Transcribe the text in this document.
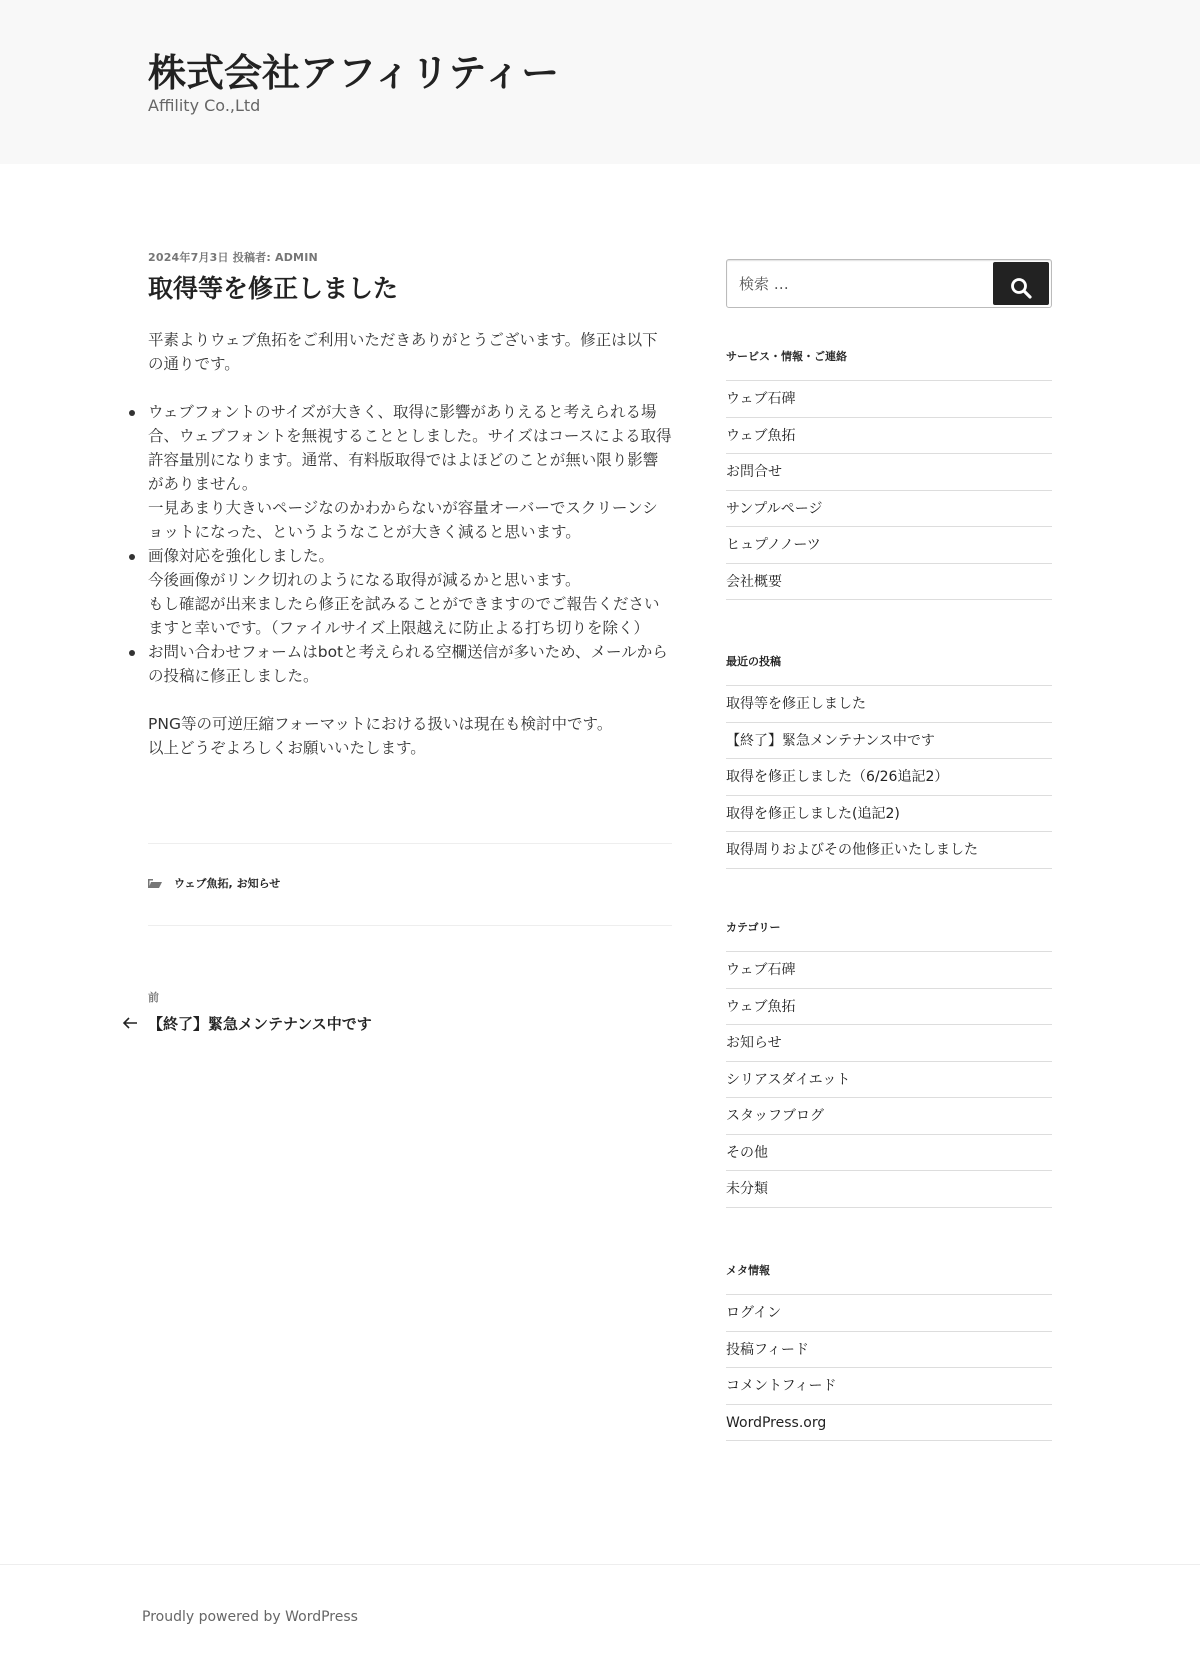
株式会社アフィリティー
Affility Co.,Ltd
2024年7月3日 投稿者: ADMIN
取得等を修正しました

平素よりウェブ魚拓をご利用いただきありがとうございます。修正は以下の通りです。

ウェブフォントのサイズが大きく、取得に影響がありえると考えられる場合、ウェブフォントを無視することとしました。サイズはコースによる取得許容量別になります。通常、有料版取得ではよほどのことが無い限り影響がありません。
一見あまり大きいページなのかわからないが容量オーバーでスクリーンショットになった、というようなことが大きく減ると思います。
画像対応を強化しました。
今後画像がリンク切れのようになる取得が減るかと思います。
もし確認が出来ましたら修正を試みることができますのでご報告くださいますと幸いです。（ファイルサイズ上限越えに防止よる打ち切りを除く）
お問い合わせフォームはbotと考えられる空欄送信が多いため、メールからの投稿に修正しました。

PNG等の可逆圧縮フォーマットにおける扱いは現在も検討中です。
以上どうぞよろしくお願いいたします。

ウェブ魚拓, お知らせ
前
【終了】緊急メンテナンス中です
検索 …
サービス・情報・ご連絡
ウェブ石碑
ウェブ魚拓
お問合せ
サンプルページ
ヒュプノノーツ
会社概要
最近の投稿
取得等を修正しました
【終了】緊急メンテナンス中です
取得を修正しました（6/26追記2）
取得を修正しました(追記2)
取得周りおよびその他修正いたしました
カテゴリー
ウェブ石碑
ウェブ魚拓
お知らせ
シリアスダイエット
スタッフブログ
その他
未分類
メタ情報
ログイン
投稿フィード
コメントフィード
WordPress.org
Proudly powered by WordPress
